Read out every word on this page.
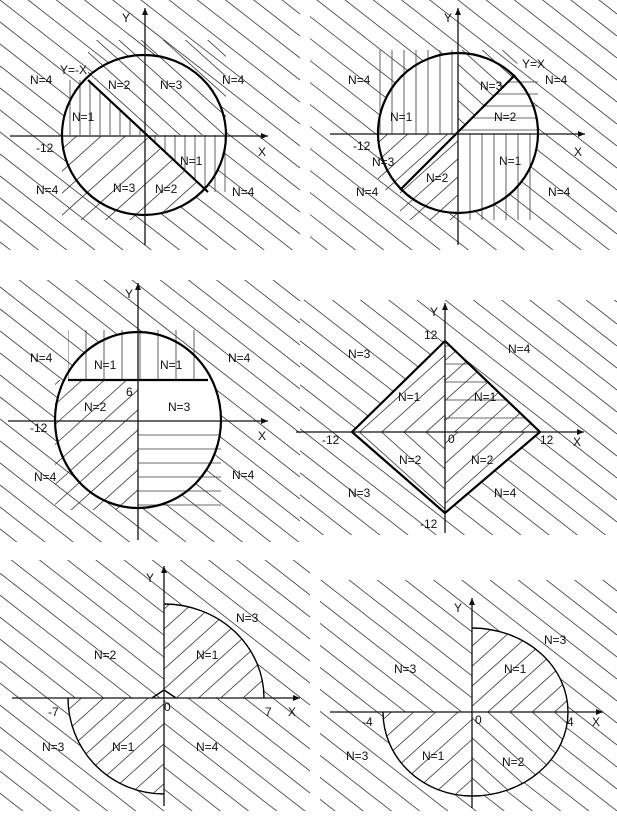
Y
X
Y=-X
-12
N=4	N=2 N=3	N=4
N=1
N=1
N=4
N=3 N=2
N=4
Y
X
Y=X
-12
N=4	N=3	N=4
N=1	N=2
N=1
N=3
N=2
N=4	N=4
Y
X
-12
6
N=4	N=1	N=1	N=4
N=2	N=3
N=4
N=4
Y
X
12
-12	0	12
-12
N=3	N=4
N=1	N=1
N=2	N=2
N=3	N=4
Y
X
-7	0	7
N=3
N=2	N=1
N=3	N=1	N=4
Y
X
-4	0	4
N=3
N=3	N=1
N=3	N=1	N=2
